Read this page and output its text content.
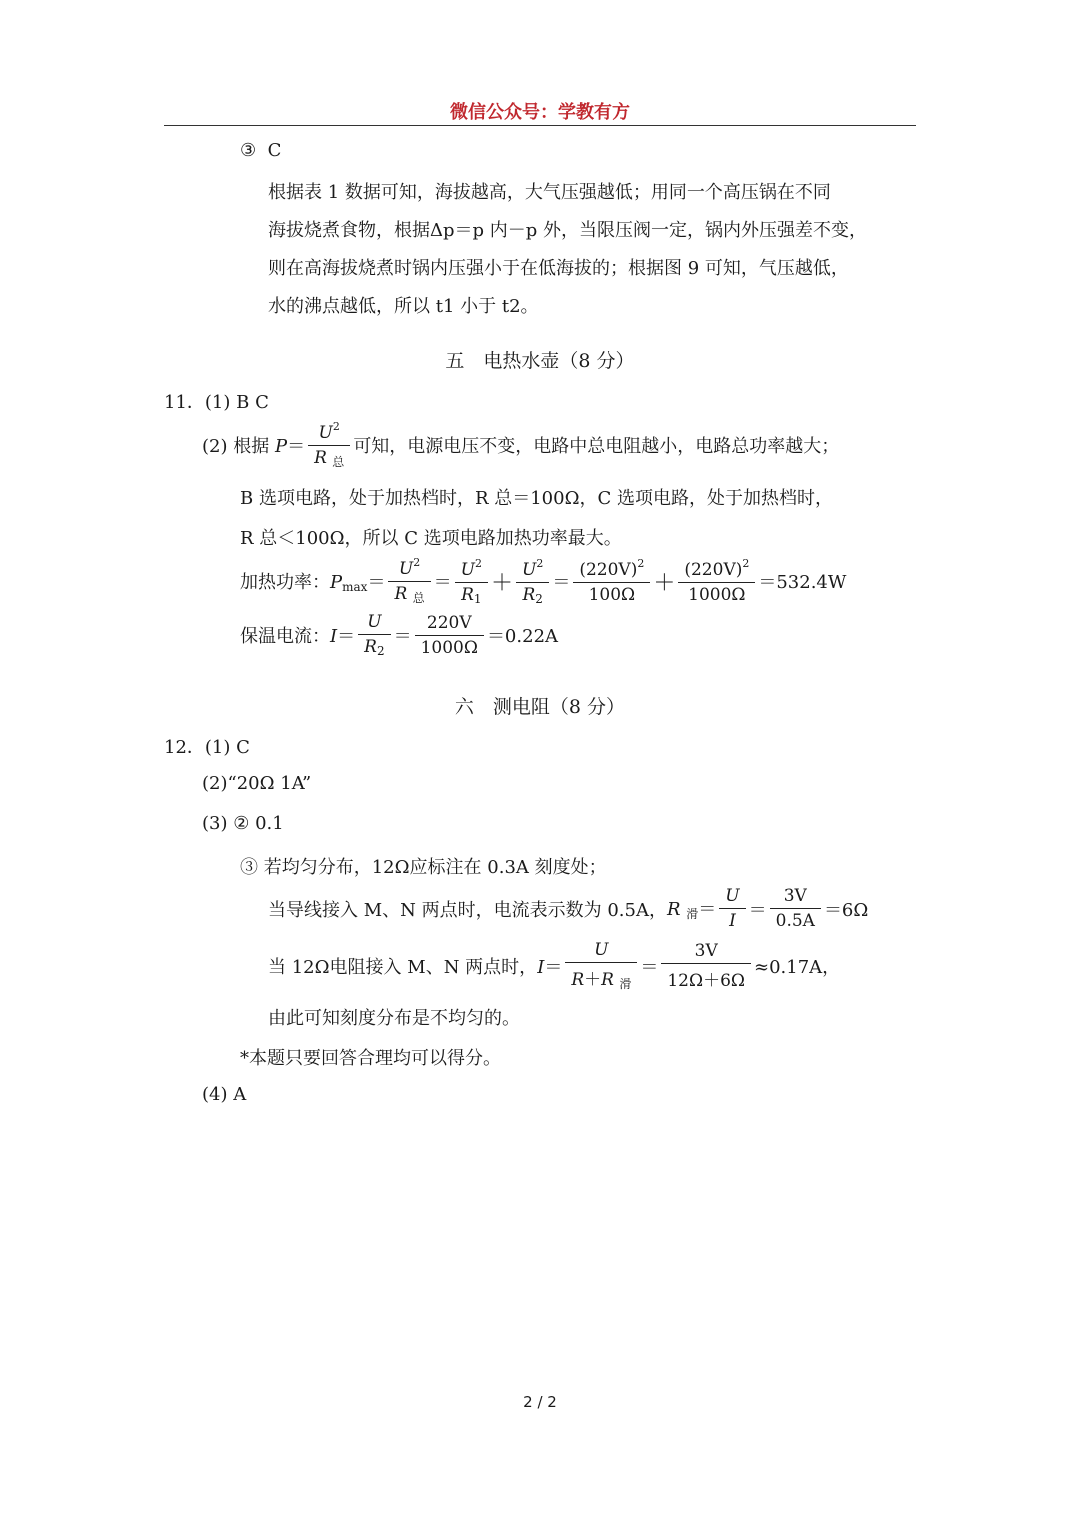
微信公众号：学教有方
③ C
根据表 1 数据可知，海拔越高，大气压强越低；用同一个高压锅在不同
海拔烧煮食物，根据Δp＝p 内－p 外，当限压阀一定，锅内外压强差不变，
则在高海拔烧煮时锅内压强小于在低海拔的；根据图 9 可知，气压越低，
水的沸点越低，所以 t1 小于 t2。
五　电热水壶（8 分）
11．(1) B C
(2) 根据 $P= \frac{U^2}{R _总}$ 可知，电源电压不变，电路中总电阻越小，电路总功率越大；
B 选项电路，处于加热档时，R 总＝100Ω，C 选项电路，处于加热档时，
R 总＜100Ω，所以 C 选项电路加热功率最大。
加热功率： $P_{max}= \frac{U^2}{R _总} = \frac{U^2}{R_1} + \frac{U^2}{R_2} = \frac{(220V)^2}{100\Omega} + \frac{(220V)^2}{1000\Omega} =532.4W$
保温电流： $I= \frac{U}{R_2} = \frac{220V}{1000\Omega} =0.22A$
六　测电阻（8 分）
12．(1) C
(2)“20Ω 1A”
(3) ② 0.1
③ 若均匀分布，12Ω应标注在 0.3A 刻度处；
当导线接入 M、N 两点时，电流表示数为 0.5A， R $_滑= \frac{U}{I} = \frac{3V}{0.5A} =6\Omega$
当 12Ω电阻接入 M、N 两点时， $I= \frac{U}{R+R _滑} = \frac{3V}{12\Omega+6\Omega} \approx 0.17A$，
由此可知刻度分布是不均匀的。
*本题只要回答合理均可以得分。
(4) A
2 / 2
